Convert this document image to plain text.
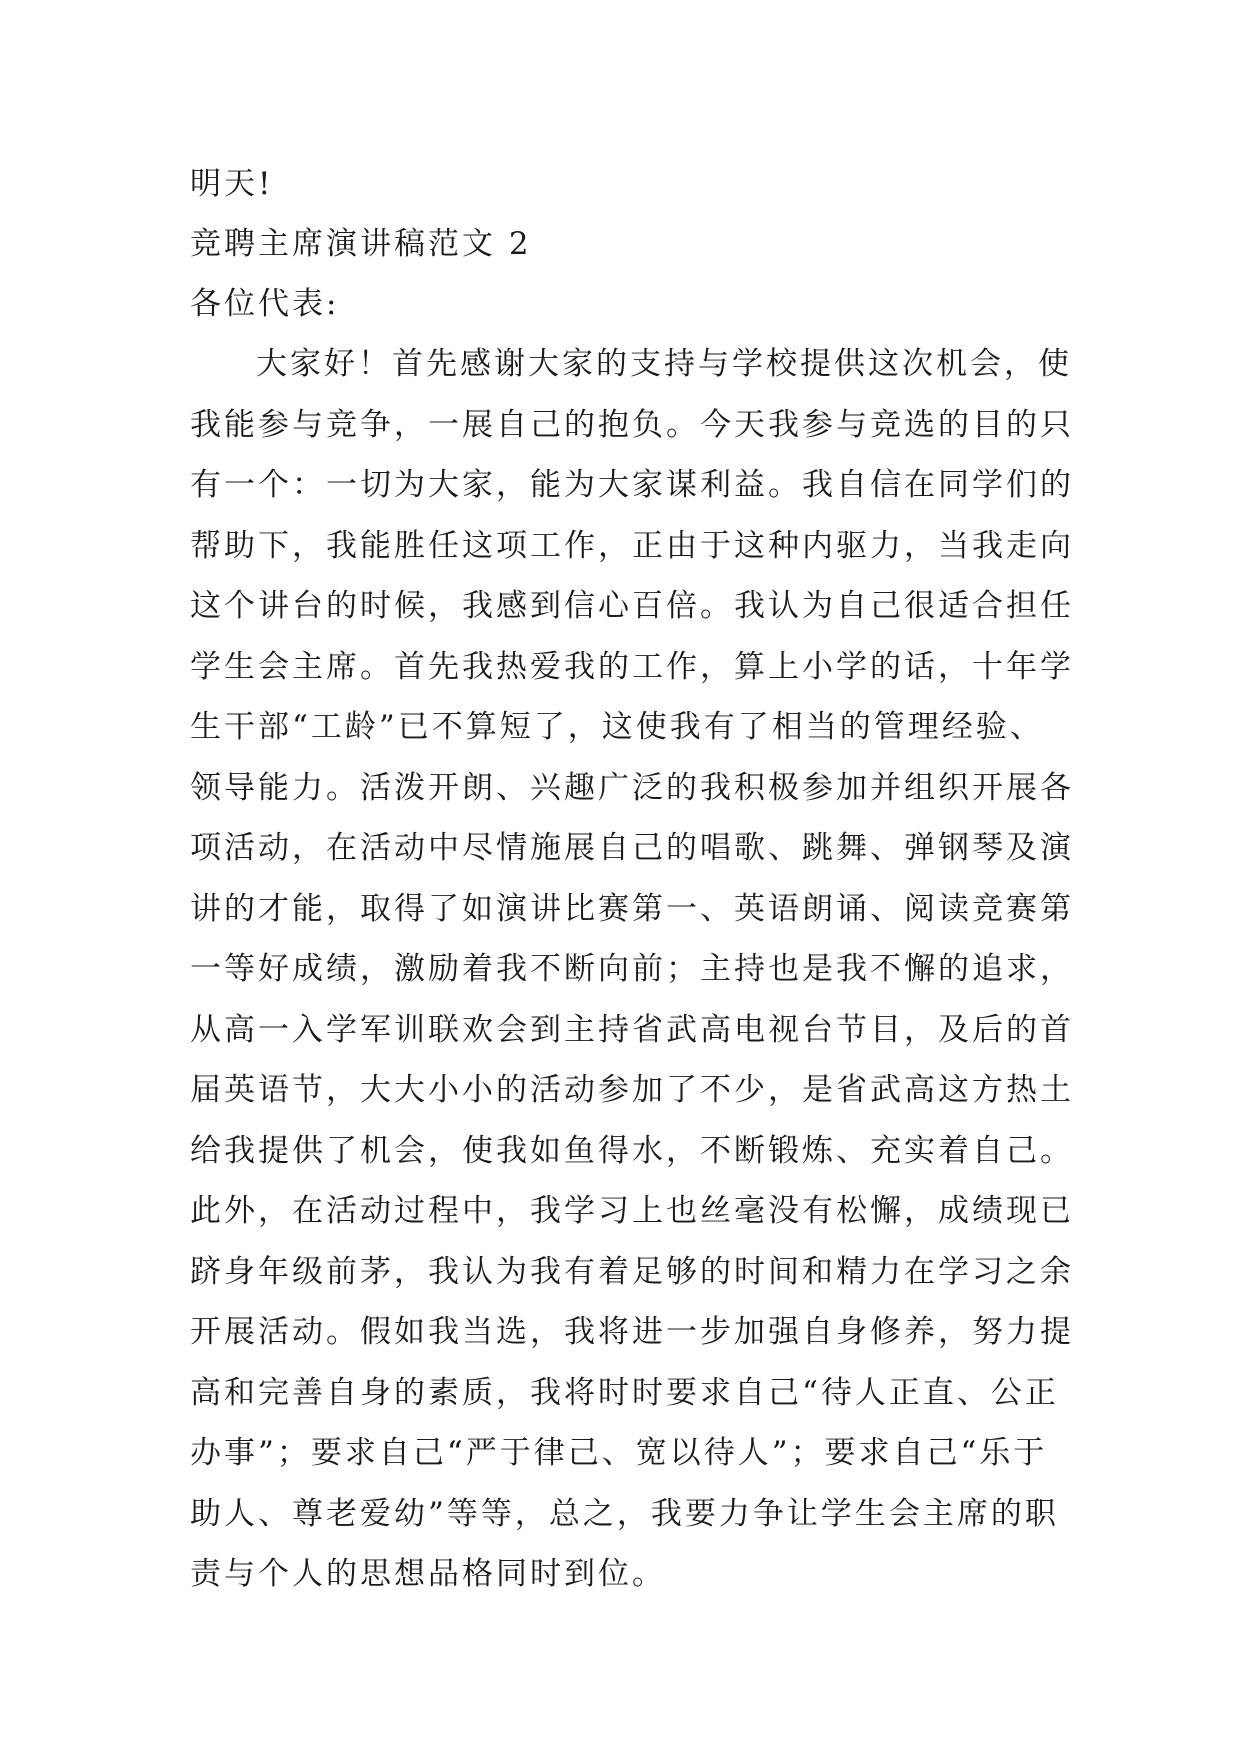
明天!
竞聘主席演讲稿范文 2
各位代表:
大家好！首先感谢大家的支持与学校提供这次机会，使
我能参与竞争，一展自己的抱负。今天我参与竞选的目的只
有一个：一切为大家，能为大家谋利益。我自信在同学们的
帮助下，我能胜任这项工作，正由于这种内驱力，当我走向
这个讲台的时候，我感到信心百倍。我认为自己很适合担任
学生会主席。首先我热爱我的工作，算上小学的话，十年学
生干部“工龄”已不算短了，这使我有了相当的管理经验、
领导能力。活泼开朗、兴趣广泛的我积极参加并组织开展各
项活动，在活动中尽情施展自己的唱歌、跳舞、弹钢琴及演
讲的才能，取得了如演讲比赛第一、英语朗诵、阅读竞赛第
一等好成绩，激励着我不断向前；主持也是我不懈的追求，
从高一入学军训联欢会到主持省武高电视台节目，及后的首
届英语节，大大小小的活动参加了不少，是省武高这方热土
给我提供了机会，使我如鱼得水，不断锻炼、充实着自己。
此外，在活动过程中，我学习上也丝毫没有松懈，成绩现已
跻身年级前茅，我认为我有着足够的时间和精力在学习之余
开展活动。假如我当选，我将进一步加强自身修养，努力提
高和完善自身的素质，我将时时要求自己“待人正直、公正
办事”；要求自己“严于律己、宽以待人”；要求自己“乐于
助人、尊老爱幼”等等，总之，我要力争让学生会主席的职
责与个人的思想品格同时到位。
